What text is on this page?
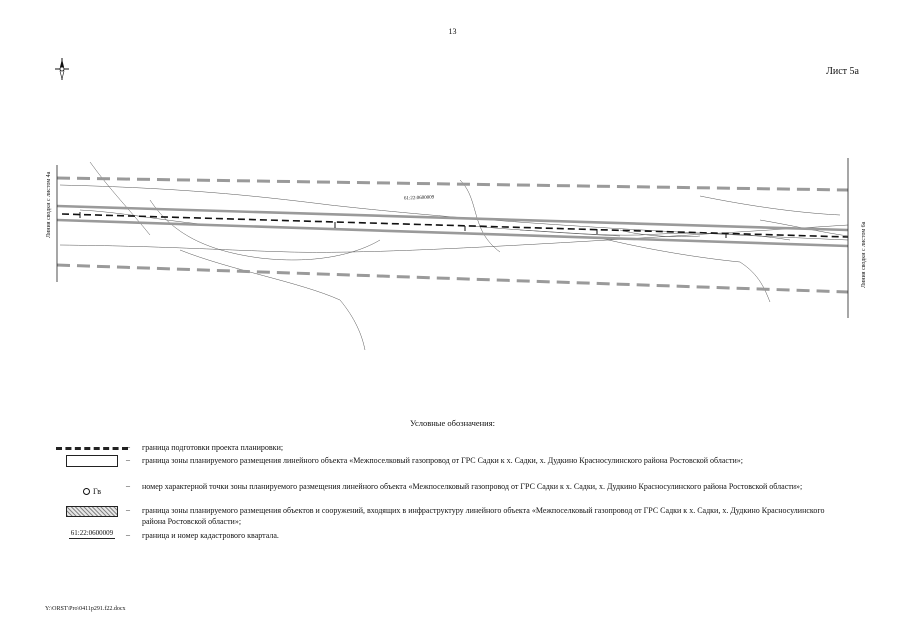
13
Лист 5а
Линия сводки с листом 4а
Линия сводки с листом 6а
61:22:0600009
Условные обозначения:
– граница подготовки проекта планировки;
– граница зоны планируемого размещения линейного объекта «Межпоселковый газопровод от ГРС Садки к х. Садки, х. Дудкино Красносулинского района Ростовской области»;
Гв
– номер характерной точки зоны планируемого размещения линейного объекта «Межпоселковый газопровод от ГРС Садки к х. Садки, х. Дудкино Красносулинского района Ростовской области»;
– граница зоны планируемого размещения объектов и сооружений, входящих в инфраструктуру линейного объекта «Межпоселковый газопровод от ГРС Садки к х. Садки, х. Дудкино Красносулинского района Ростовской области»;
61:22:0600009 – граница и номер кадастрового квартала.
Y:\ORST\Pro\0411p291.f22.docx
